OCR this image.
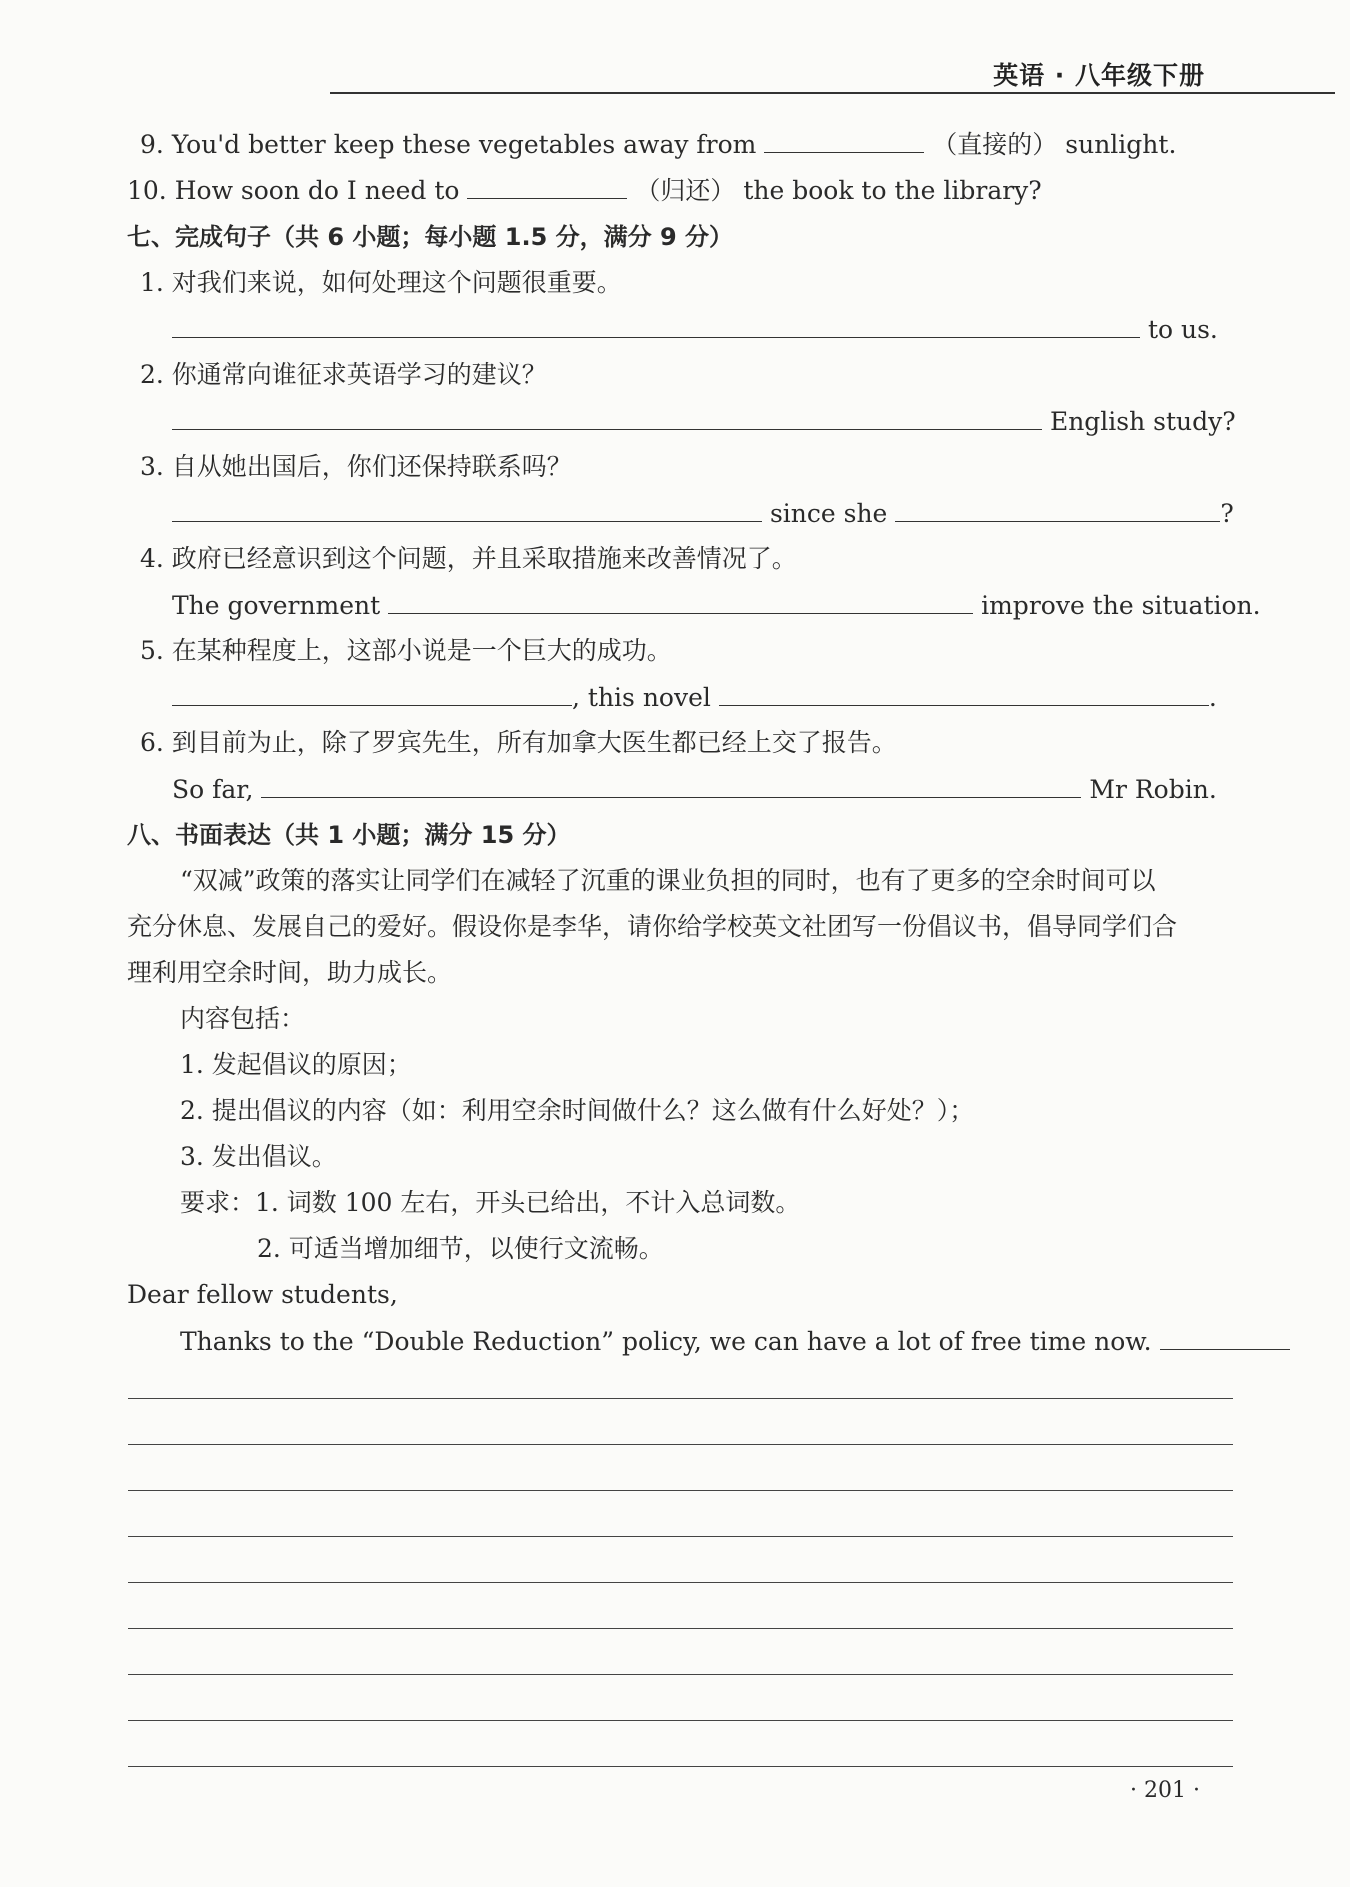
英语 · 八年级下册
9. You'd better keep these vegetables away from	（直接的） sunlight.
10. How soon do I need to	（归还） the book to the library?
七、完成句子（共 6 小题；每小题 1.5 分，满分 9 分）
1. 对我们来说，如何处理这个问题很重要。
to us.
2. 你通常向谁征求英语学习的建议？
English study?
3. 自从她出国后，你们还保持联系吗？
since she	?
4. 政府已经意识到这个问题，并且采取措施来改善情况了。
The government	improve the situation.
5. 在某种程度上，这部小说是一个巨大的成功。
, this novel	.
6. 到目前为止，除了罗宾先生，所有加拿大医生都已经上交了报告。
So far,	Mr Robin.
八、书面表达（共 1 小题；满分 15 分）
“双减”政策的落实让同学们在减轻了沉重的课业负担的同时，也有了更多的空余时间可以
充分休息、发展自己的爱好。假设你是李华，请你给学校英文社团写一份倡议书，倡导同学们合
理利用空余时间，助力成长。
内容包括：
1. 发起倡议的原因；
2. 提出倡议的内容（如：利用空余时间做什么？这么做有什么好处？）；
3. 发出倡议。
要求：1. 词数 100 左右，开头已给出，不计入总词数。
2. 可适当增加细节，以使行文流畅。
Dear fellow students,
Thanks to the “Double Reduction” policy, we can have a lot of free time now.
· 201 ·
